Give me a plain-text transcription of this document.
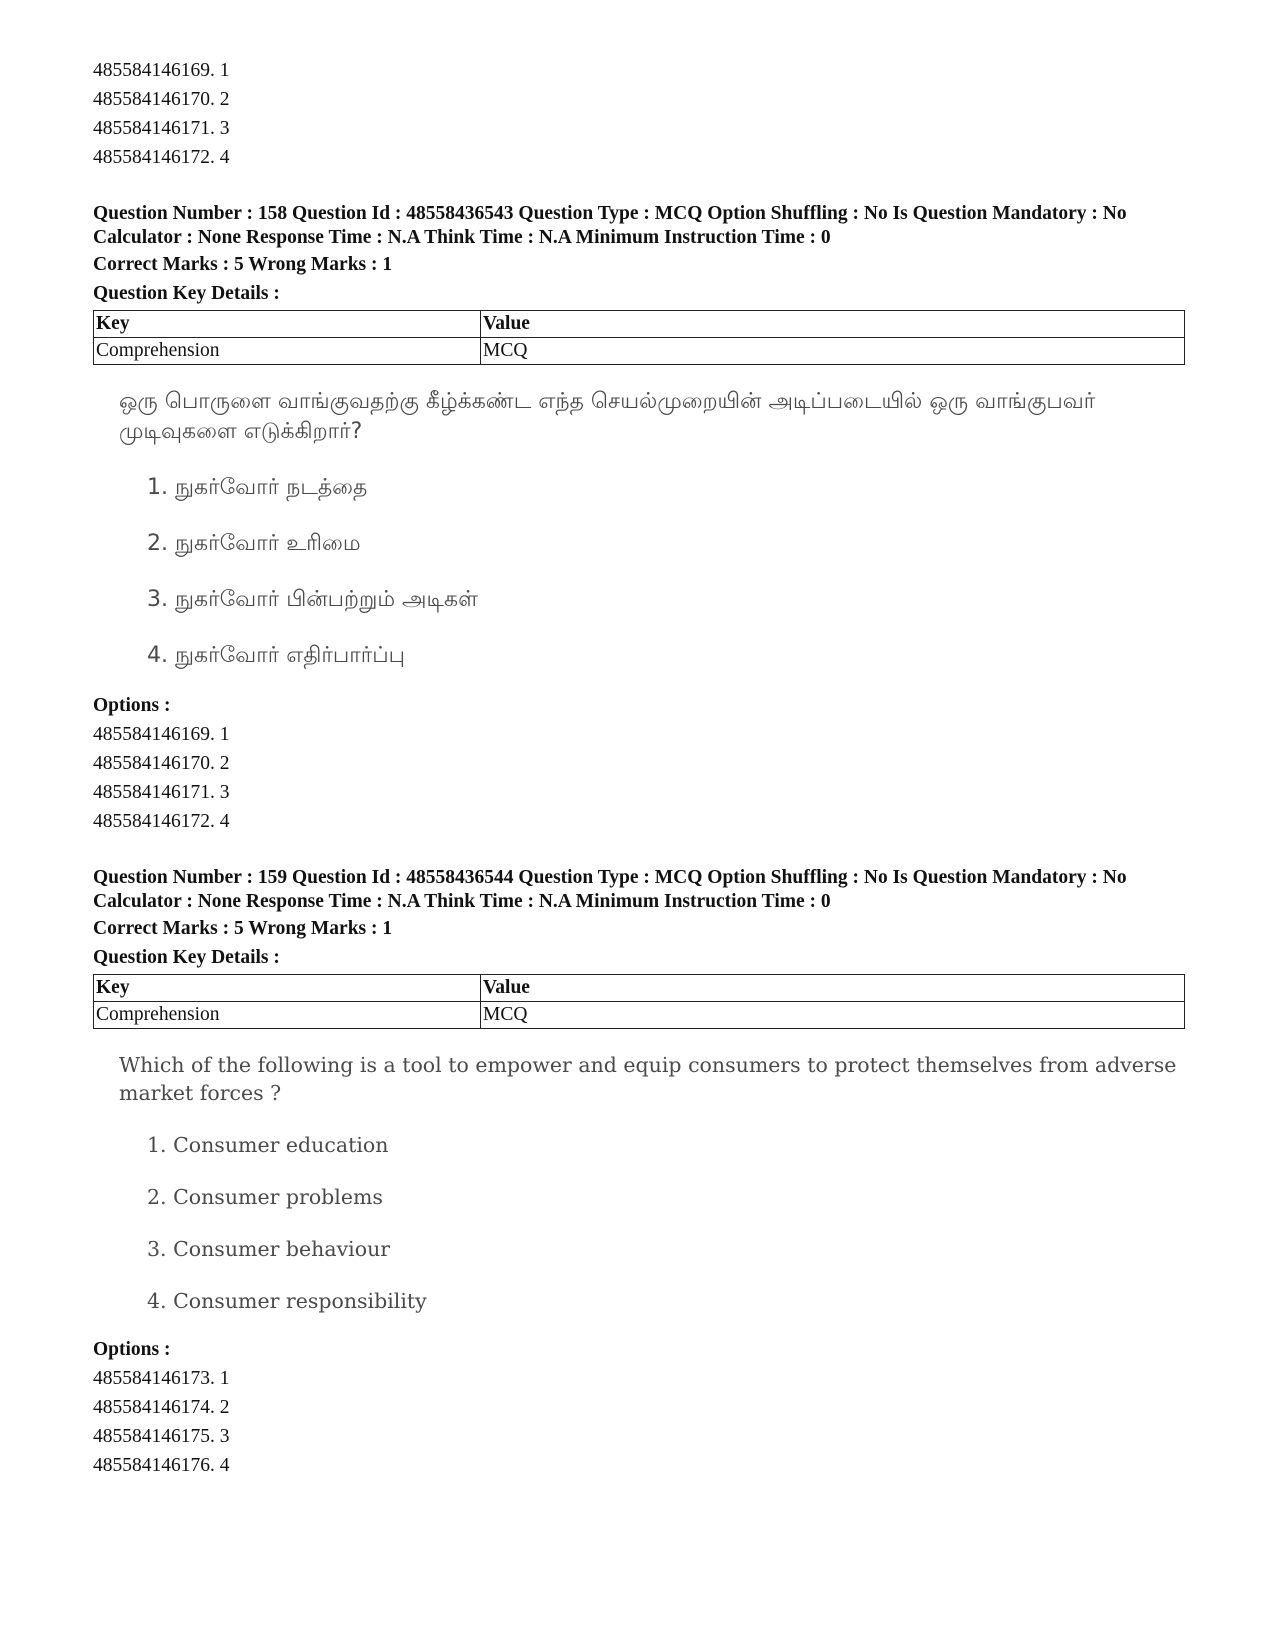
485584146169. 1
485584146170. 2
485584146171. 3
485584146172. 4
Question Number : 158 Question Id : 48558436543 Question Type : MCQ Option Shuffling : No Is Question Mandatory : No Calculator : None Response Time : N.A Think Time : N.A Minimum Instruction Time : 0
Correct Marks : 5 Wrong Marks : 1
Question Key Details :
Key	Value
Comprehension	MCQ
ஒரு பொருளை வாங்குவதற்கு கீழ்க்கண்ட எந்த செயல்முறையின் அடிப்படையில் ஒரு வாங்குபவர் முடிவுகளை எடுக்கிறார்?
1. நுகர்வோர் நடத்தை
2. நுகர்வோர் உரிமை
3. நுகர்வோர் பின்பற்றும் அடிகள்
4. நுகர்வோர் எதிர்பார்ப்பு
Options :
485584146169. 1
485584146170. 2
485584146171. 3
485584146172. 4
Question Number : 159 Question Id : 48558436544 Question Type : MCQ Option Shuffling : No Is Question Mandatory : No Calculator : None Response Time : N.A Think Time : N.A Minimum Instruction Time : 0
Correct Marks : 5 Wrong Marks : 1
Question Key Details :
Key	Value
Comprehension	MCQ
Which of the following is a tool to empower and equip consumers to protect themselves from adverse market forces ?
1. Consumer education
2. Consumer problems
3. Consumer behaviour
4. Consumer responsibility
Options :
485584146173. 1
485584146174. 2
485584146175. 3
485584146176. 4
